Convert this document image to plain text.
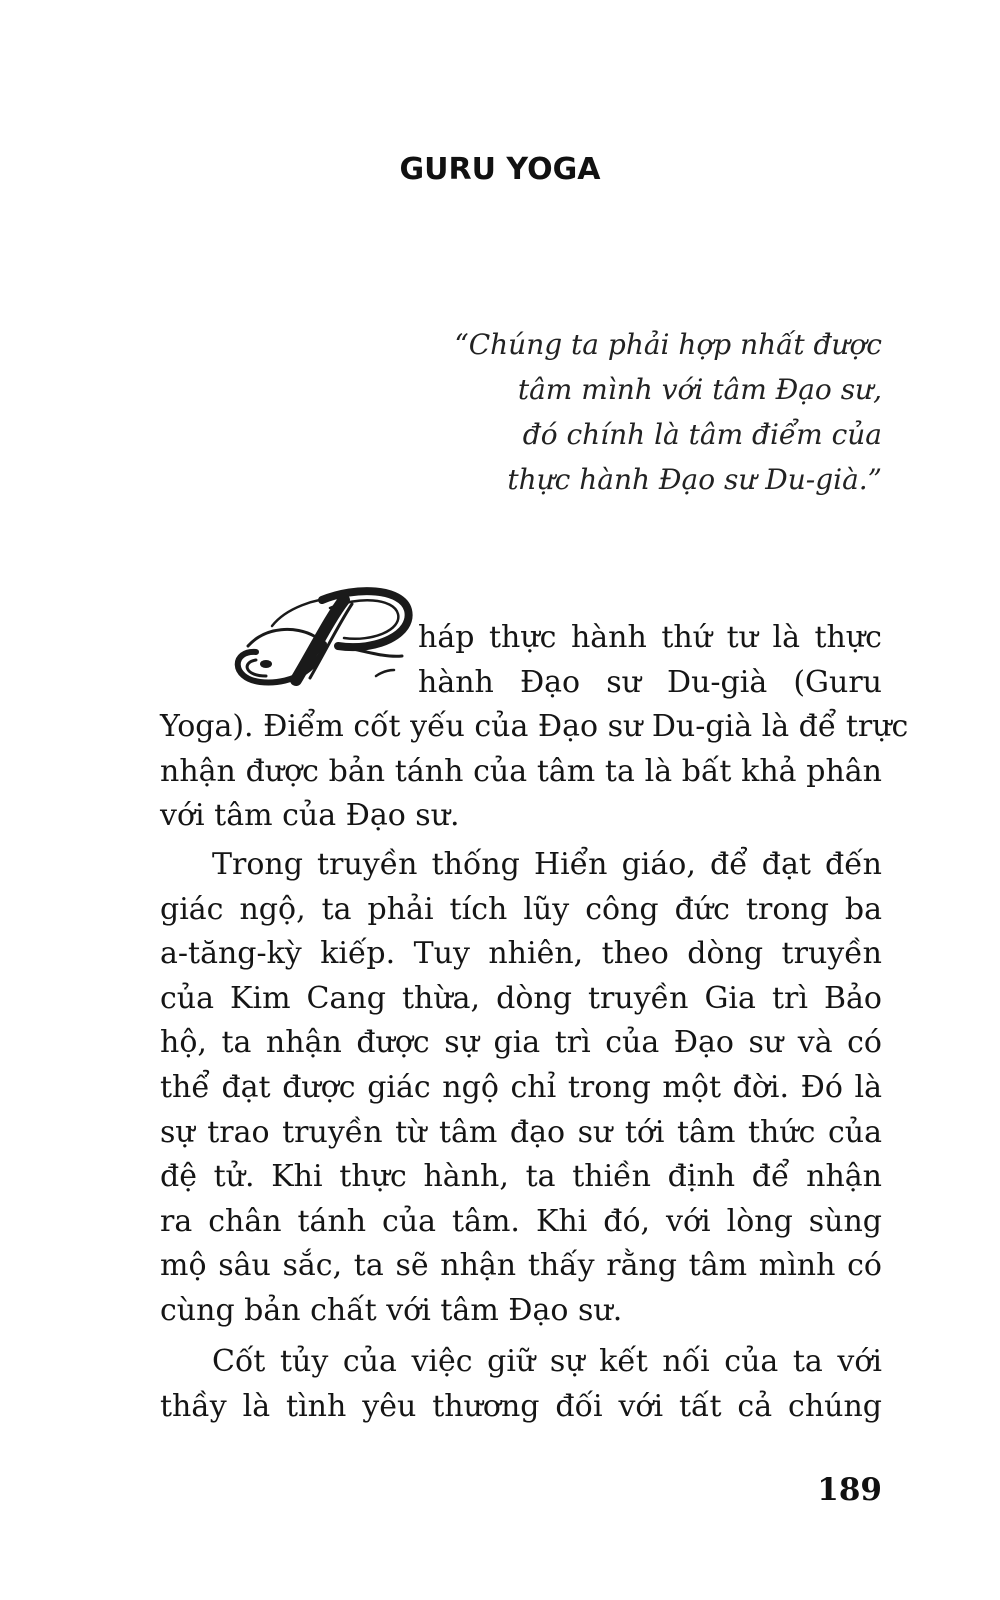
GURU YOGA
“Chúng ta phải hợp nhất được
tâm mình với tâm Đạo sư,
đó chính là tâm điểm của
thực hành Đạo sư Du-già.”
háp thực hành thứ tư là thực
hành Đạo sư Du-già (Guru
Yoga). Điểm cốt yếu của Đạo sư Du-già là để trực
nhận được bản tánh của tâm ta là bất khả phân
với tâm của Đạo sư.
Trong truyền thống Hiển giáo, để đạt đến
giác ngộ, ta phải tích lũy công đức trong ba
a-tăng-kỳ kiếp. Tuy nhiên, theo dòng truyền
của Kim Cang thừa, dòng truyền Gia trì Bảo
hộ, ta nhận được sự gia trì của Đạo sư và có
thể đạt được giác ngộ chỉ trong một đời. Đó là
sự trao truyền từ tâm đạo sư tới tâm thức của
đệ tử. Khi thực hành, ta thiền định để nhận
ra chân tánh của tâm. Khi đó, với lòng sùng
mộ sâu sắc, ta sẽ nhận thấy rằng tâm mình có
cùng bản chất với tâm Đạo sư.
Cốt tủy của việc giữ sự kết nối của ta với
thầy là tình yêu thương đối với tất cả chúng
189
